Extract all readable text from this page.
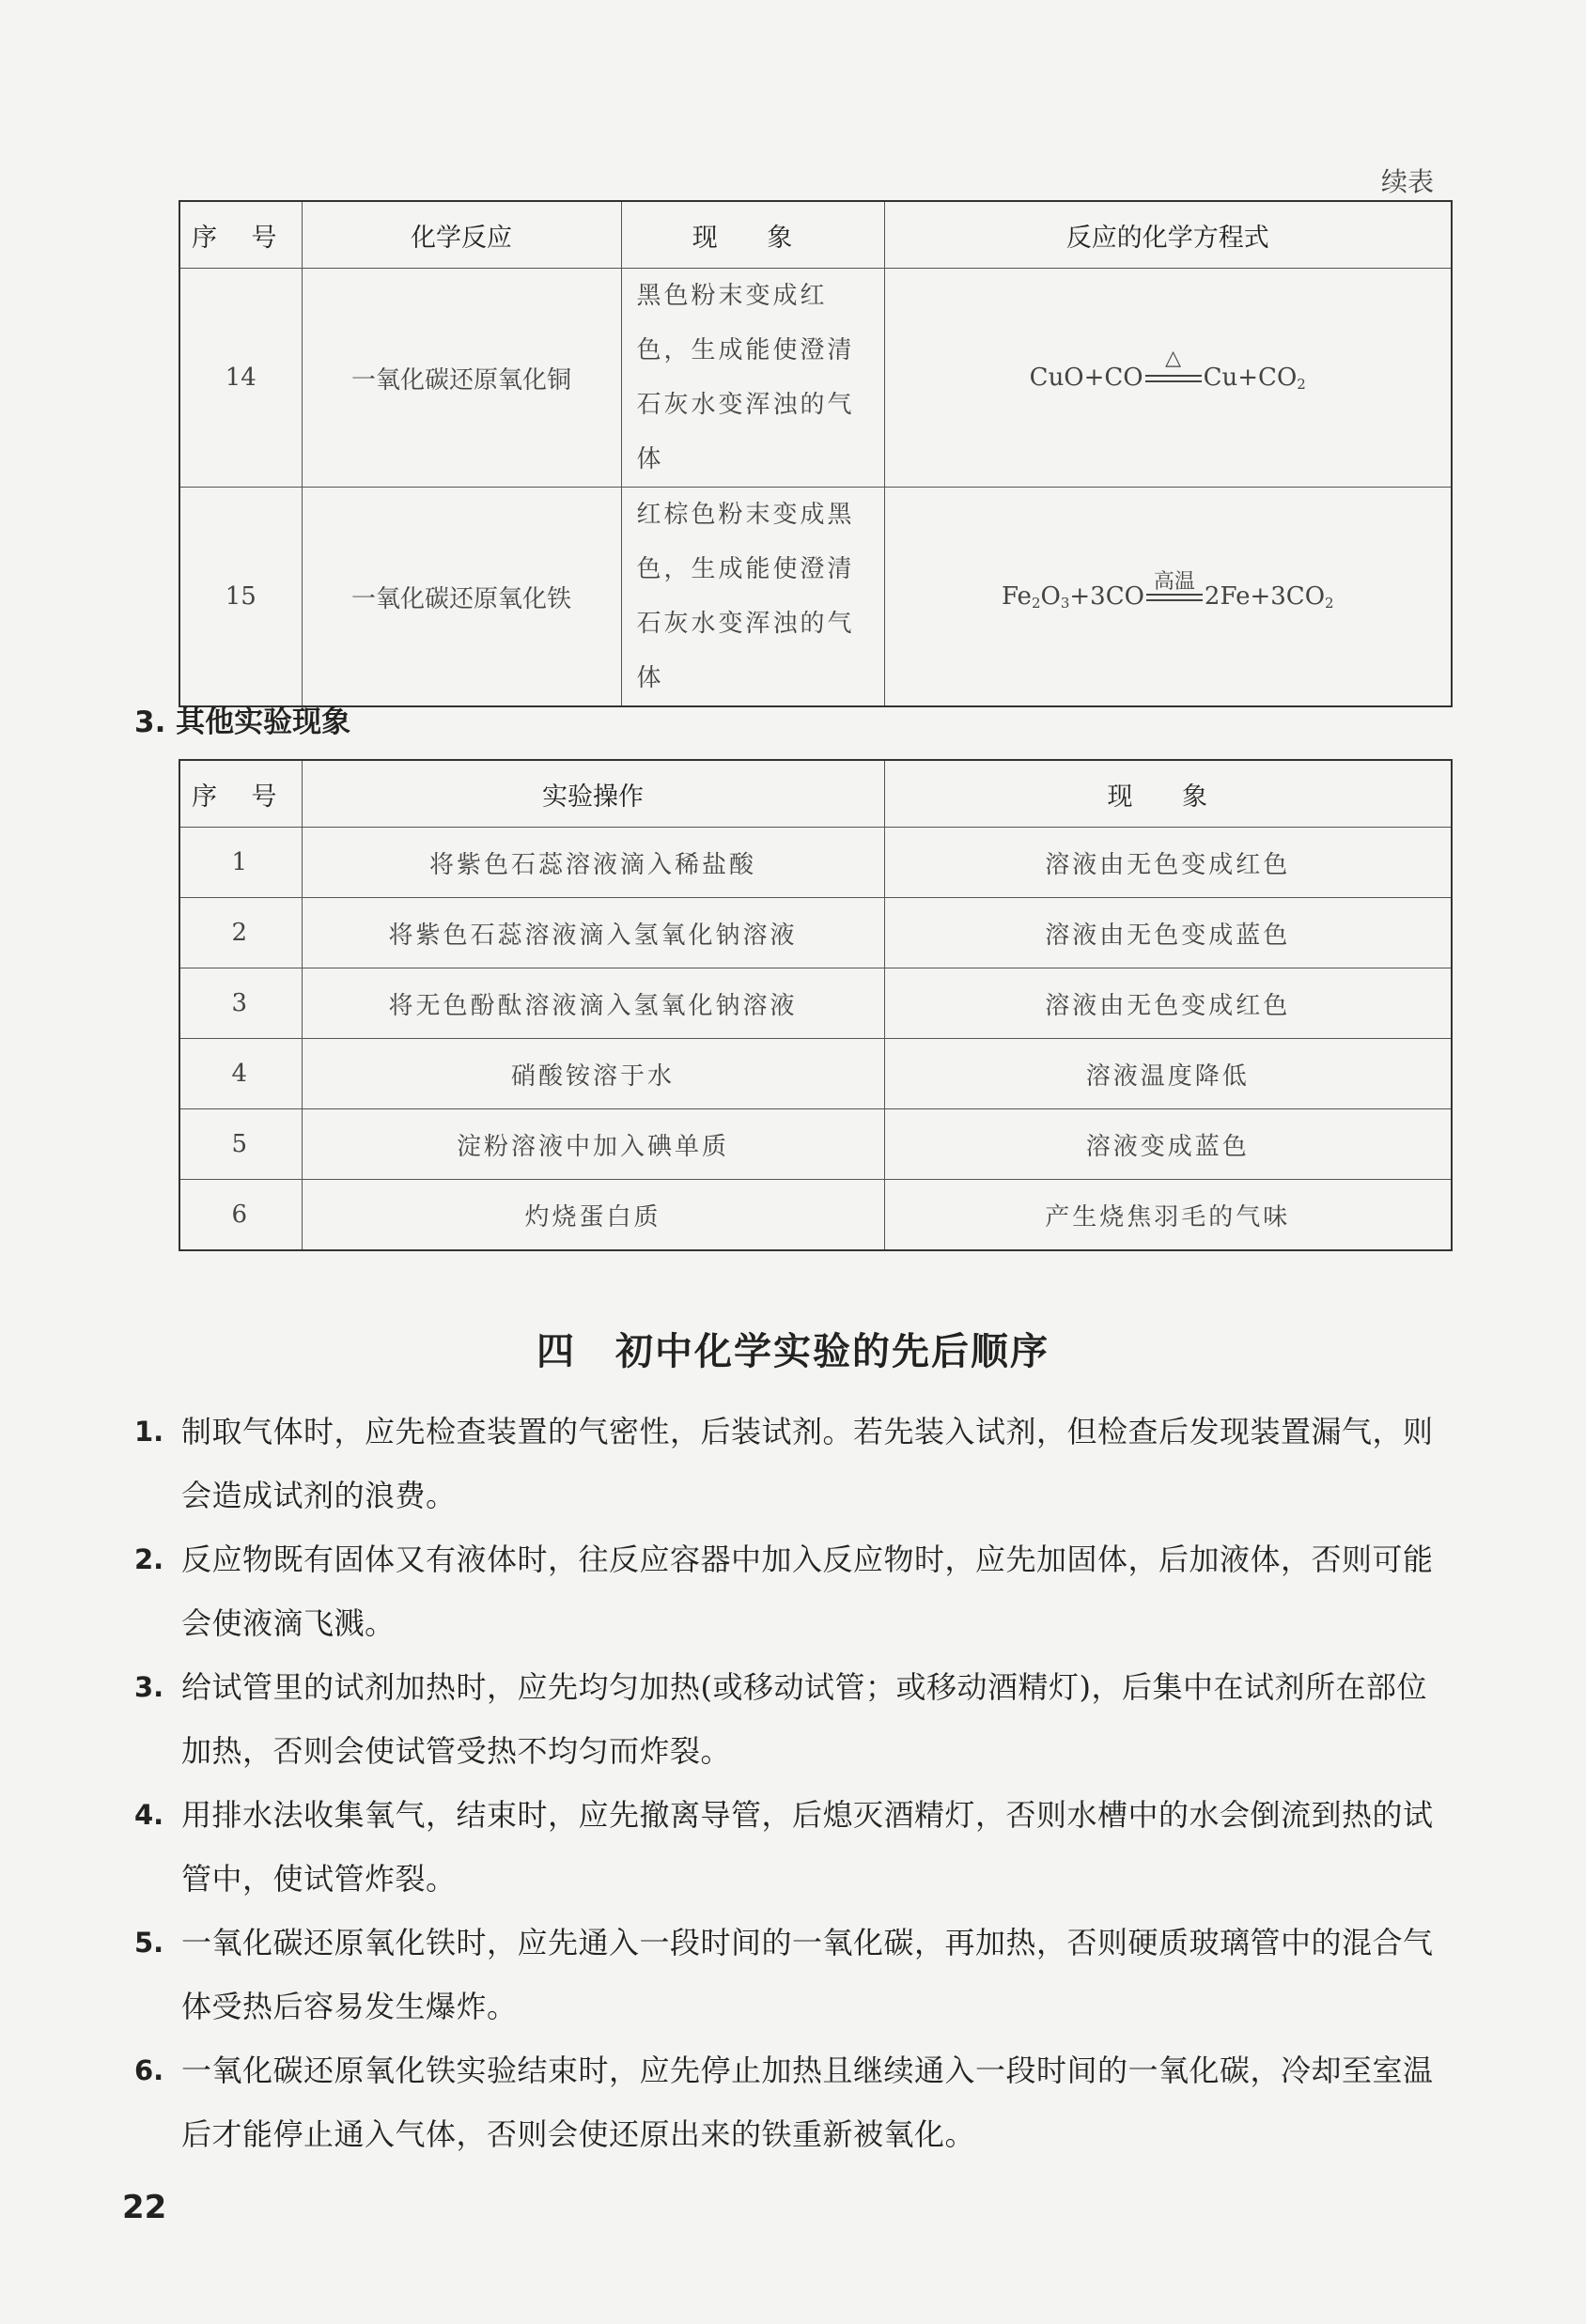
续表
序 号	化学反应	现 象	反应的化学方程式
14	一氧化碳还原氧化铜	黑色粉末变成红色，生成能使澄清石灰水变浑浊的气体	CuO+CO
△
$Cu+CO_2$
15	一氧化碳还原氧化铁	红棕色粉末变成黑色，生成能使澄清石灰水变浑浊的气体	$Fe_2O_3+3CO$
高温
$2Fe+3CO_2$
3. 其他实验现象
序 号	实验操作	现 象
1	将紫色石蕊溶液滴入稀盐酸	溶液由无色变成红色
2	将紫色石蕊溶液滴入氢氧化钠溶液	溶液由无色变成蓝色
3	将无色酚酞溶液滴入氢氧化钠溶液	溶液由无色变成红色
4	硝酸铵溶于水	溶液温度降低
5	淀粉溶液中加入碘单质	溶液变成蓝色
6	灼烧蛋白质	产生烧焦羽毛的气味
四 初中化学实验的先后顺序
1. 制取气体时，应先检查装置的气密性，后装试剂。若先装入试剂，但检查后发现装置漏气，则会造成试剂的浪费。
2. 反应物既有固体又有液体时，往反应容器中加入反应物时，应先加固体，后加液体，否则可能会使液滴飞溅。
3. 给试管里的试剂加热时，应先均匀加热(或移动试管；或移动酒精灯)，后集中在试剂所在部位加热，否则会使试管受热不均匀而炸裂。
4. 用排水法收集氧气，结束时，应先撤离导管，后熄灭酒精灯，否则水槽中的水会倒流到热的试管中，使试管炸裂。
5. 一氧化碳还原氧化铁时，应先通入一段时间的一氧化碳，再加热，否则硬质玻璃管中的混合气体受热后容易发生爆炸。
6. 一氧化碳还原氧化铁实验结束时，应先停止加热且继续通入一段时间的一氧化碳，冷却至室温后才能停止通入气体，否则会使还原出来的铁重新被氧化。
22
